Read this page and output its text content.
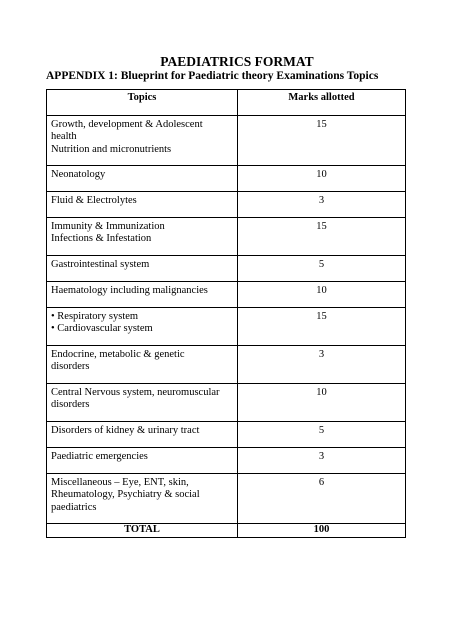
PAEDIATRICS FORMAT
APPENDIX 1: Blueprint for Paediatric theory Examinations Topics
Topics	Marks allotted

Growth, development & Adolescent
health
Nutrition and micronutrients	15

Neonatology	10

Fluid & Electrolytes	3

Immunity & Immunization
Infections & Infestation	15

Gastrointestinal system	5

Haematology including malignancies	10

• Respiratory system
• Cardiovascular system	15

Endocrine, metabolic & genetic
disorders	3

Central Nervous system, neuromuscular
disorders	10

Disorders of kidney & urinary tract	5

Paediatric emergencies	3

Miscellaneous – Eye, ENT, skin,
Rheumatology, Psychiatry & social
paediatrics	6
TOTAL	100
